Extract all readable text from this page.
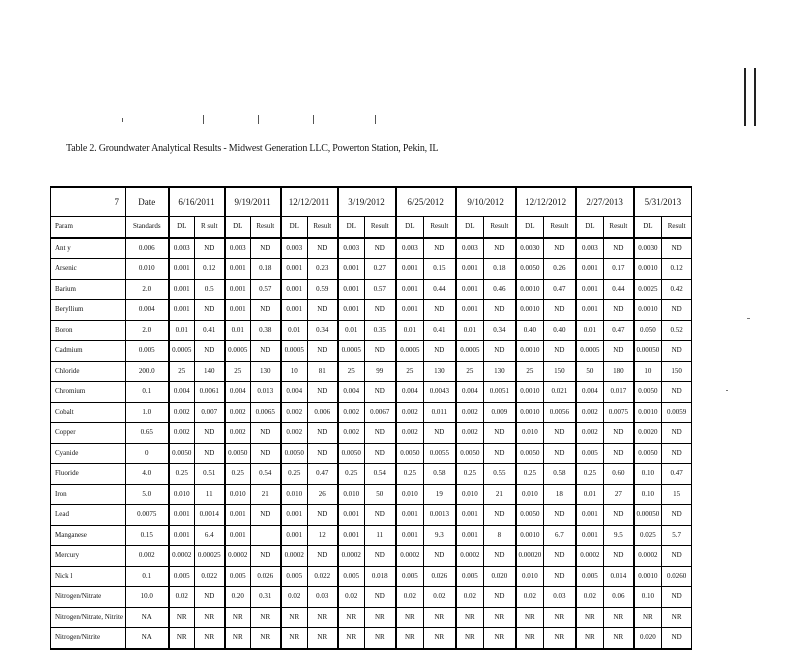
Table 2. Groundwater Analytical Results - Midwest Generation LLC, Powerton Station, Pekin, IL
7	Date	6/16/2011		9/19/2011		12/12/2011		3/19/2012		6/25/2012		9/10/2012		12/12/2012		2/27/2013		5/31/2013	
Param	Standards	DL	R sult	DL	Result	DL	Result	DL	Result	DL	Result	DL	Result	DL	Result	DL	Result	DL	Result
Ant y	0.006	0.003	ND	0.003	ND	0.003	ND	0.003	ND	0.003	ND	0.003	ND	0.0030	ND	0.003	ND	0.0030	ND
Arsenic	0.010	0.001	0.12	0.001	0.18	0.001	0.23	0.001	0.27	0.001	0.15	0.001	0.18	0.0050	0.26	0.001	0.17	0.0010	0.12
Barium	2.0	0.001	0.5	0.001	0.57	0.001	0.59	0.001	0.57	0.001	0.44	0.001	0.46	0.0010	0.47	0.001	0.44	0.0025	0.42
Beryllium	0.004	0.001	ND	0.001	ND	0.001	ND	0.001	ND	0.001	ND	0.001	ND	0.0010	ND	0.001	ND	0.0010	ND
Boron	2.0	0.01	0.41	0.01	0.38	0.01	0.34	0.01	0.35	0.01	0.41	0.01	0.34	0.40	0.40	0.01	0.47	0.050	0.52
Cadmium	0.005	0.0005	ND	0.0005	ND	0.0005	ND	0.0005	ND	0.0005	ND	0.0005	ND	0.0010	ND	0.0005	ND	0.00050	ND
Chloride	200.0	25	140	25	130	10	81	25	99	25	130	25	130	25	150	50	180	10	150
Chromium	0.1	0.004	0.0061	0.004	0.013	0.004	ND	0.004	ND	0.004	0.0043	0.004	0.0051	0.0010	0.021	0.004	0.017	0.0050	ND
Cobalt	1.0	0.002	0.007	0.002	0.0065	0.002	0.006	0.002	0.0067	0.002	0.011	0.002	0.009	0.0010	0.0056	0.002	0.0075	0.0010	0.0059
Copper	0.65	0.002	ND	0.002	ND	0.002	ND	0.002	ND	0.002	ND	0.002	ND	0.010	ND	0.002	ND	0.0020	ND
Cyanide	0	0.0050	ND	0.0050	ND	0.0050	ND	0.0050	ND	0.0050	0.0055	0.0050	ND	0.0050	ND	0.005	ND	0.0050	ND
Fluoride	4.0	0.25	0.51	0.25	0.54	0.25	0.47	0.25	0.54	0.25	0.58	0.25	0.55	0.25	0.58	0.25	0.60	0.10	0.47
Iron	5.0	0.010	11	0.010	21	0.010	26	0.010	50	0.010	19	0.010	21	0.010	18	0.01	27	0.10	15
Lead	0.0075	0.001	0.0014	0.001	ND	0.001	ND	0.001	ND	0.001	0.0013	0.001	ND	0.0050	ND	0.001	ND	0.00050	ND
Manganese	0.15	0.001	6.4	0.001		0.001	12	0.001	11	0.001	9.3	0.001	8	0.0010	6.7	0.001	9.5	0.025	5.7
Mercury	0.002	0.0002	0.00025	0.0002	ND	0.0002	ND	0.0002	ND	0.0002	ND	0.0002	ND	0.00020	ND	0.0002	ND	0.0002	ND
Nick l	0.1	0.005	0.022	0.005	0.026	0.005	0.022	0.005	0.018	0.005	0.026	0.005	0.020	0.010	ND	0.005	0.014	0.0010	0.0260
Nitrogen/Nitrate	10.0	0.02	ND	0.20	0.31	0.02	0.03	0.02	ND	0.02	0.02	0.02	ND	0.02	0.03	0.02	0.06	0.10	ND
Nitrogen/Nitrate, Nitrite	NA	NR	NR	NR	NR	NR	NR	NR	NR	NR	NR	NR	NR	NR	NR	NR	NR	NR	NR
Nitrogen/Nitrite	NA	NR	NR	NR	NR	NR	NR	NR	NR	NR	NR	NR	NR	NR	NR	NR	NR	0.020	ND
